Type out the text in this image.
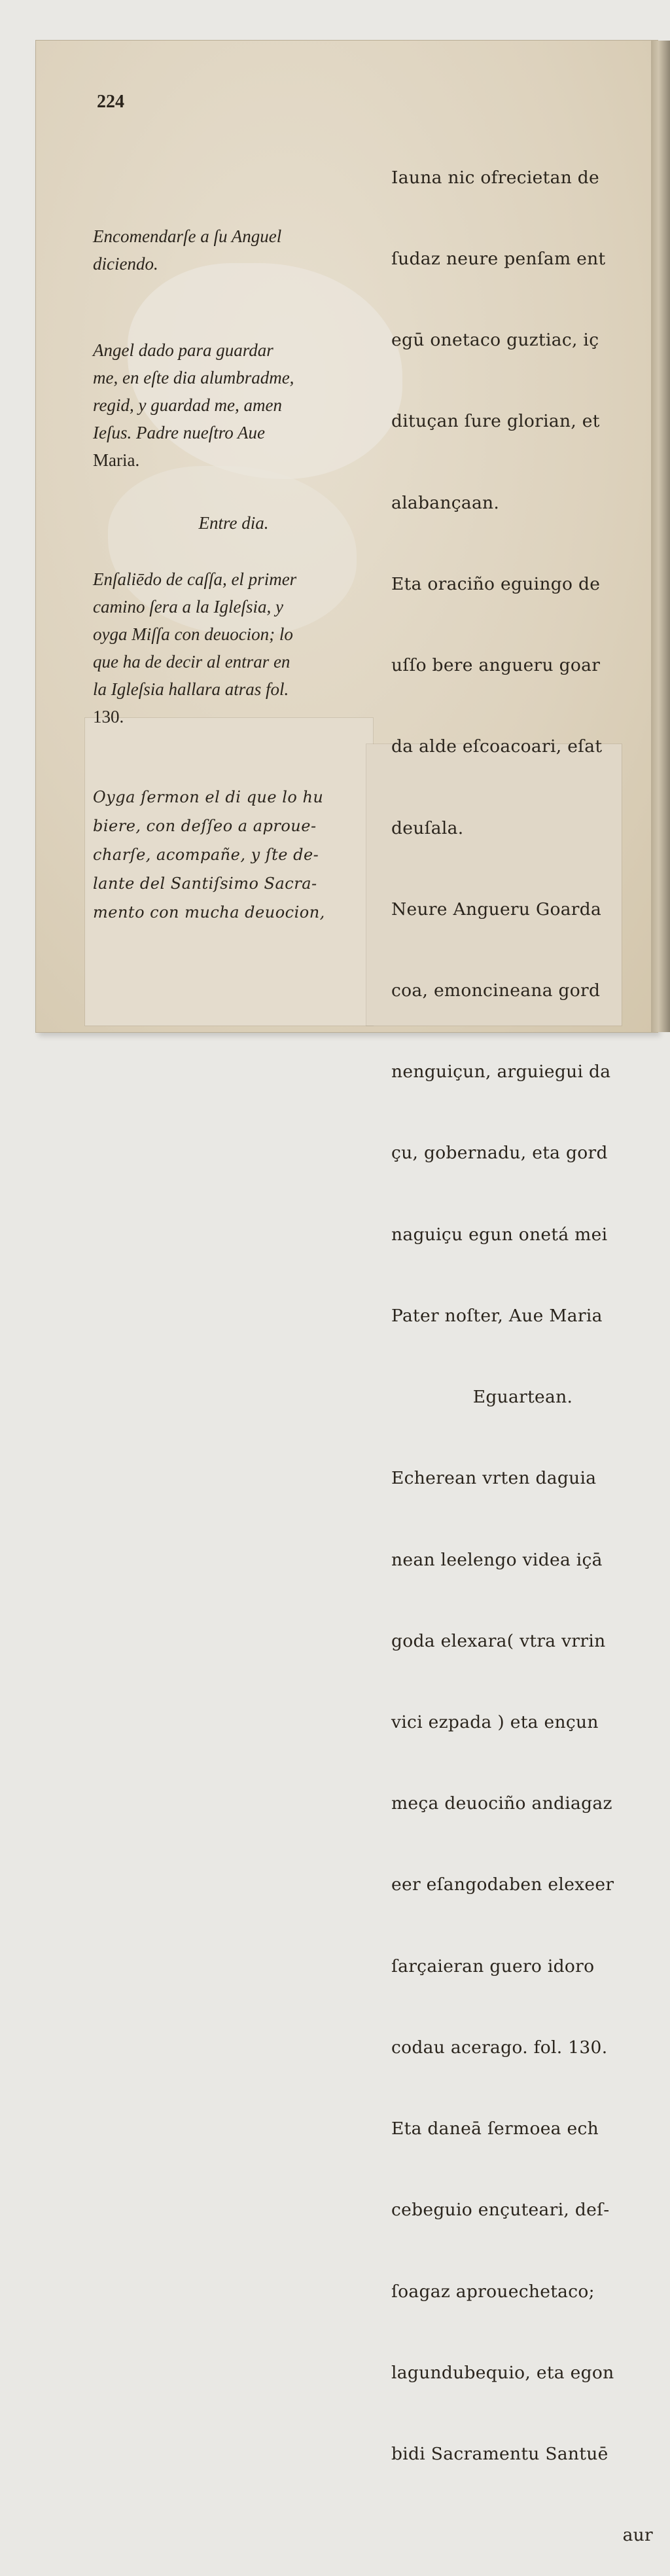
224
Encomendarſe a ſu Anguel
diciendo.
Angel dado para guardar
me, en eſte dia alumbradme,
regid, y guardad me, amen
Ieſus. Padre nueſtro Aue
Maria.
Entre dia.
Enſaliēdo de caſſa, el primer
camino ſera a la Igleſsia, y
oyga Miſſa con deuocion; lo
que ha de decir al entrar en
la Igleſsia hallara atras fol.
130.
Oyga ſermon el di que lo hu
biere, con deſſeo a aproue-
charſe, acompañe, y ſte de-
lante del Santiſsimo Sacra-
mento con mucha deuocion,

Iauna nic ofrecietan de

ſudaz neure penſam ent

egū onetaco guztiac, iç

dituçan ſure glorian, et

alabançaan.

Eta oraciño eguingo de

uſſo bere angueru goar

da alde eſcoacoari, eſat

deuſala.

Neure Angueru Goarda

coa, emoncineana gord

nenguiçun, arguiegui da

çu, gobernadu, eta gord

naguiçu egun onetá mei

Pater noſter, Aue Maria

Eguartean.

Echerean vrten daguia

nean leelengo videa içā

goda elexara( vtra vrrin

vici ezpada ) eta ençun

meça deuociño andiagaz

eer eſangodaben elexeer

ſarçaieran guero idoro

codau acerago. fol. 130.

Eta daneā ſermoea ech

cebeguio ençuteari, deſ-

ſoagaz aprouechetaco;

lagundubequio, eta egon

bidi Sacramentu Santuē

aur
